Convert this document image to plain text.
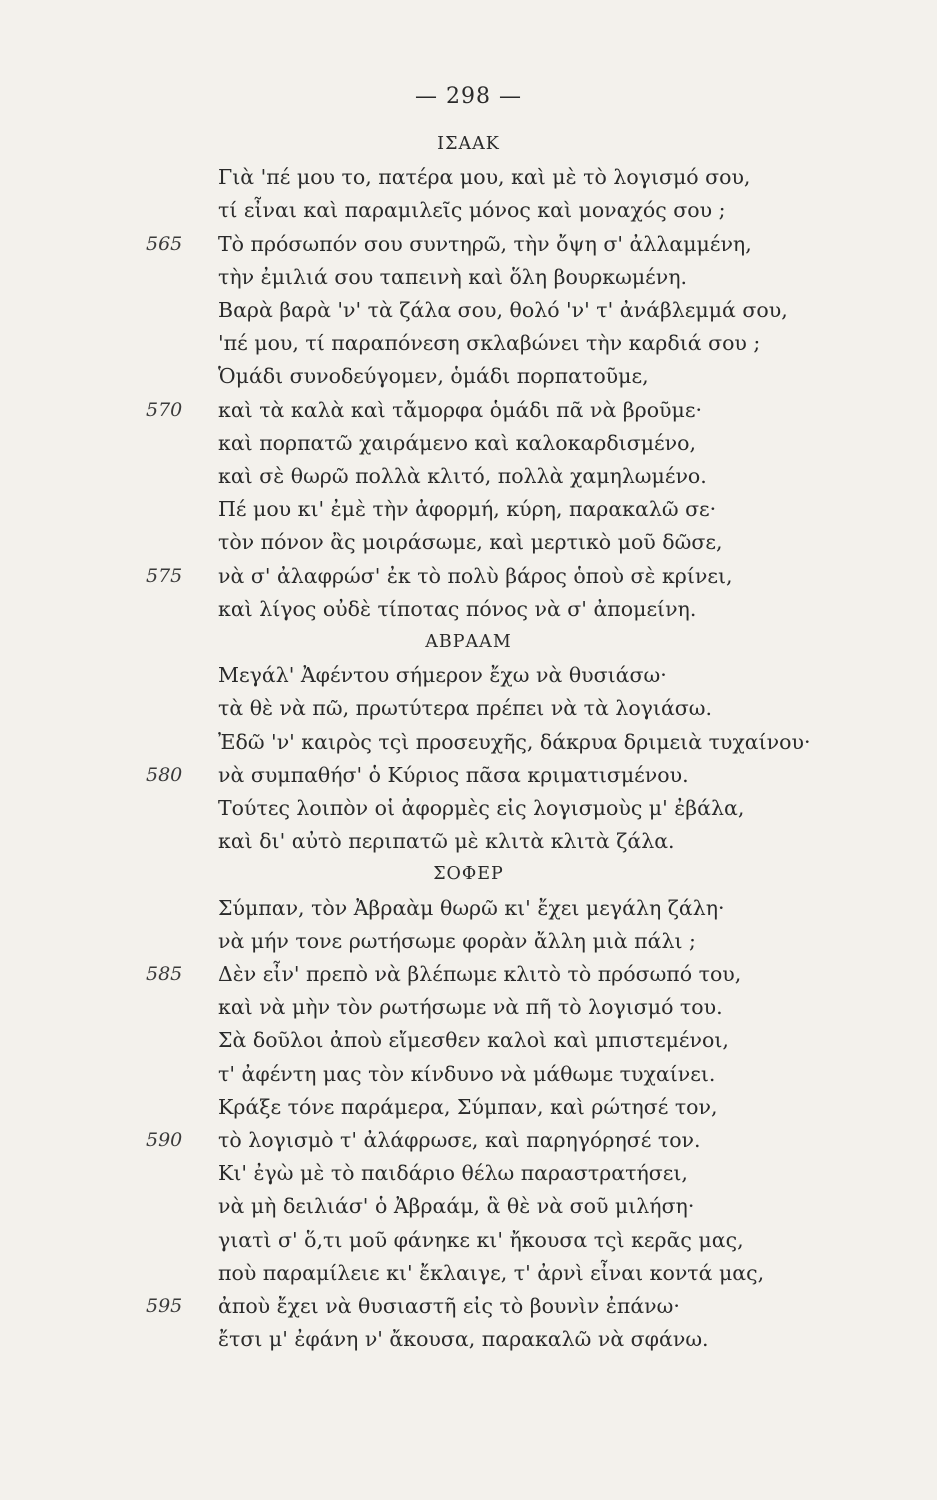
— 298 —
ΙΣΑΑΚ
Γιὰ 'πέ μου το, πατέρα μου, καὶ μὲ τὸ λογισμό σου,
τί εἶναι καὶ παραμιλεῖς μόνος καὶ μοναχός σου ;
565	Τὸ πρόσωπόν σου συντηρῶ, τὴν ὄψη σ' ἀλλαμμένη,
τὴν ἐμιλιά σου ταπεινὴ καὶ ὅλη βουρκωμένη.
Βαρὰ βαρὰ 'ν' τὰ ζάλα σου, θολό 'ν' τ' ἀνάβλεμμά σου,
'πέ μου, τί παραπόνεση σκλαβώνει τὴν καρδιά σου ;
Ὁμάδι συνοδεύγομεν, ὁμάδι πορπατοῦμε,
570	καὶ τὰ καλὰ καὶ τἄμορφα ὁμάδι πᾶ νὰ βροῦμε·
καὶ πορπατῶ χαιράμενο καὶ καλοκαρδισμένο,
καὶ σὲ θωρῶ πολλὰ κλιτό, πολλὰ χαμηλωμένο.
Πέ μου κι' ἐμὲ τὴν ἀφορμή, κύρη, παρακαλῶ σε·
τὸν πόνον ἂς μοιράσωμε, καὶ μερτικὸ μοῦ δῶσε,
575	νὰ σ' ἀλαφρώσ' ἐκ τὸ πολὺ βάρος ὁποὺ σὲ κρίνει,
καὶ λίγος οὐδὲ τίποτας πόνος νὰ σ' ἀπομείνη.
ΑΒΡΑΑΜ
Μεγάλ' Ἀφέντου σήμερον ἔχω νὰ θυσιάσω·
τὰ θὲ νὰ πῶ, πρωτύτερα πρέπει νὰ τὰ λογιάσω.
Ἐδῶ 'ν' καιρὸς τςὶ προσευχῆς, δάκρυα δριμειὰ τυχαίνου·
580	νὰ συμπαθήσ' ὁ Κύριος πᾶσα κριματισμένου.
Τούτες λοιπὸν οἱ ἀφορμὲς εἰς λογισμοὺς μ' ἐβάλα,
καὶ δι' αὐτὸ περιπατῶ μὲ κλιτὰ κλιτὰ ζάλα.
ΣΟΦΕΡ
Σύμπαν, τὸν Ἀβραὰμ θωρῶ κι' ἔχει μεγάλη ζάλη·
νὰ μήν τονε ρωτήσωμε φορὰν ἄλλη μιὰ πάλι ;
585	Δὲν εἶν' πρεπὸ νὰ βλέπωμε κλιτὸ τὸ πρόσωπό του,
καὶ νὰ μὴν τὸν ρωτήσωμε νὰ πῆ τὸ λογισμό του.
Σὰ δοῦλοι ἀποὺ εἴμεσθεν καλοὶ καὶ μπιστεμένοι,
τ' ἀφέντη μας τὸν κίνδυνο νὰ μάθωμε τυχαίνει.
Κράξε τόνε παράμερα, Σύμπαν, καὶ ρώτησέ τον,
590	τὸ λογισμὸ τ' ἀλάφρωσε, καὶ παρηγόρησέ τον.
Κι' ἐγὼ μὲ τὸ παιδάριο θέλω παραστρατήσει,
νὰ μὴ δειλιάσ' ὁ Ἀβραάμ, ἃ θὲ νὰ σοῦ μιλήση·
γιατὶ σ' ὅ,τι μοῦ φάνηκε κι' ἤκουσα τςὶ κερᾶς μας,
ποὺ παραμίλειε κι' ἔκλαιγε, τ' ἀρνὶ εἶναι κοντά μας,
595	ἀποὺ ἔχει νὰ θυσιαστῆ εἰς τὸ βουνὶν ἐπάνω·
ἔτσι μ' ἐφάνη ν' ἄκουσα, παρακαλῶ νὰ σφάνω.
